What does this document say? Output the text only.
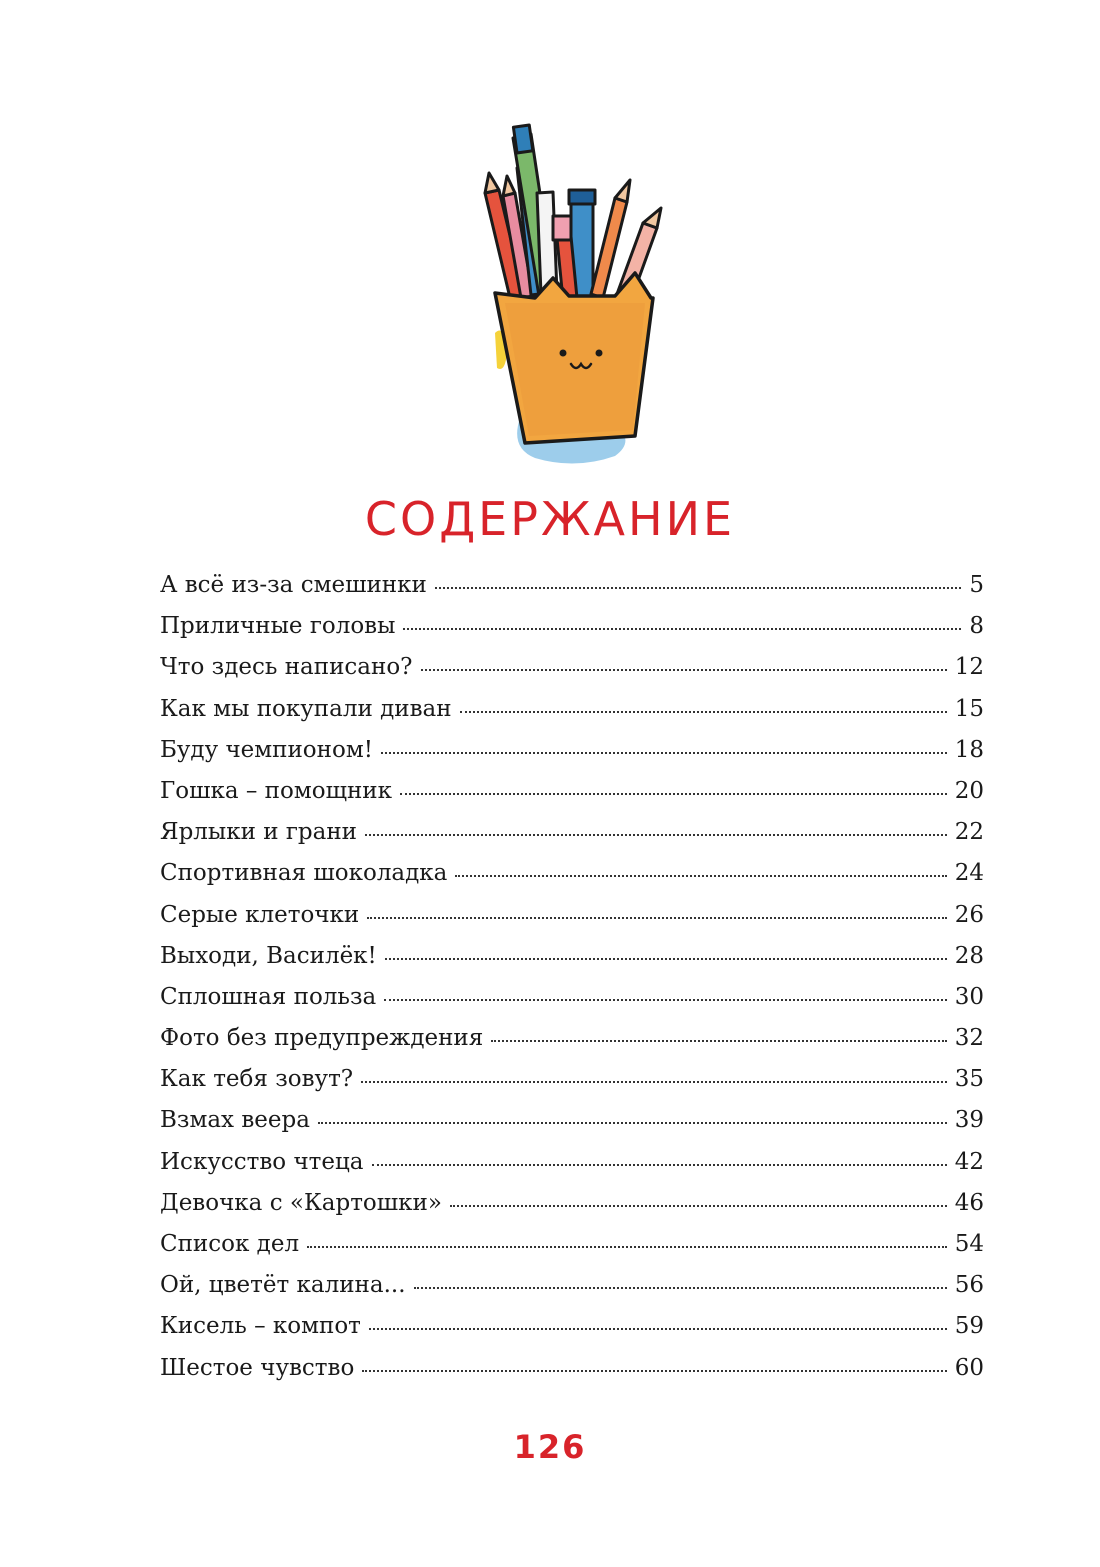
СОДЕРЖАНИЕ
А всё из-за смешинки	5
Приличные головы	8
Что здесь написано?	12
Как мы покупали диван	15
Буду чемпионом!	18
Гошка – помощник	20
Ярлыки и грани	22
Спортивная шоколадка	24
Серые клеточки	26
Выходи, Василёк!	28
Сплошная польза	30
Фото без предупреждения	32
Как тебя зовут?	35
Взмах веера	39
Искусство чтеца	42
Девочка с «Картошки»	46
Список дел	54
Ой, цветёт калина...	56
Кисель – компот	59
Шестое чувство	60
126
